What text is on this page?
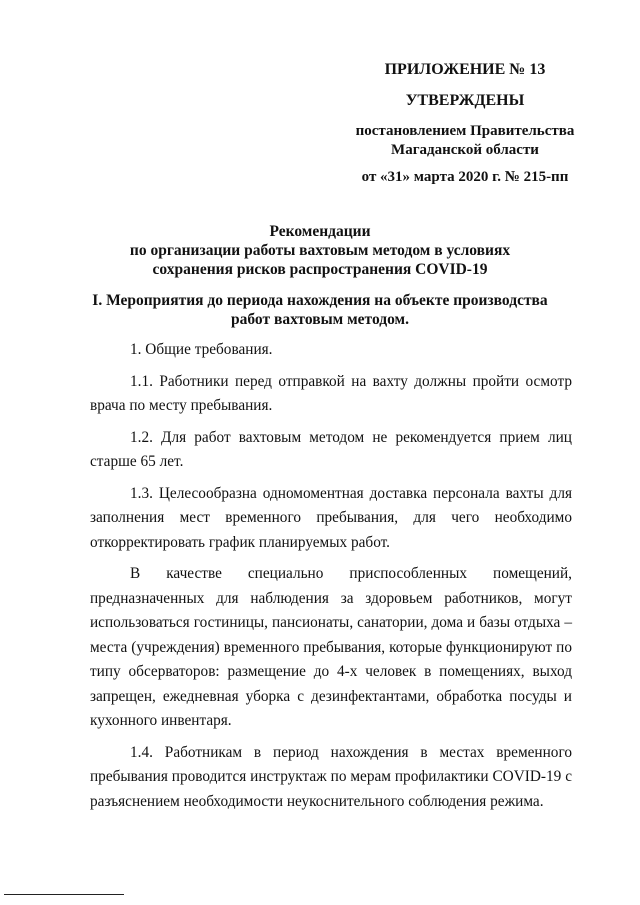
ПРИЛОЖЕНИЕ № 13
УТВЕРЖДЕНЫ
постановлением Правительства
Магаданской области
от «31» марта 2020 г. № 215-пп
Рекомендации
по организации работы вахтовым методом в условиях
сохранения рисков распространения COVID-19
I. Мероприятия до периода нахождения на объекте производства
работ вахтовым методом.

1. Общие требования.

1.1. Работники перед отправкой на вахту должны пройти осмотр врача по месту пребывания.

1.2. Для работ вахтовым методом не рекомендуется прием лиц старше 65 лет.

1.3. Целесообразна одномоментная доставка персонала вахты для заполнения мест временного пребывания, для чего необходимо откорректировать график планируемых работ.

В качестве специально приспособленных помещений, предназначенных для наблюдения за здоровьем работников, могут использоваться гостиницы, пансионаты, санатории, дома и базы отдыха – места (учреждения) временного пребывания, которые функционируют по типу обсерваторов: размещение до 4-х человек в помещениях, выход запрещен, ежедневная уборка с дезинфектантами, обработка посуды и кухонного инвентаря.

1.4. Работникам в период нахождения в местах временного пребывания проводится инструктаж по мерам профилактики COVID-19 с разъяснением необходимости неукоснительного соблюдения режима.
